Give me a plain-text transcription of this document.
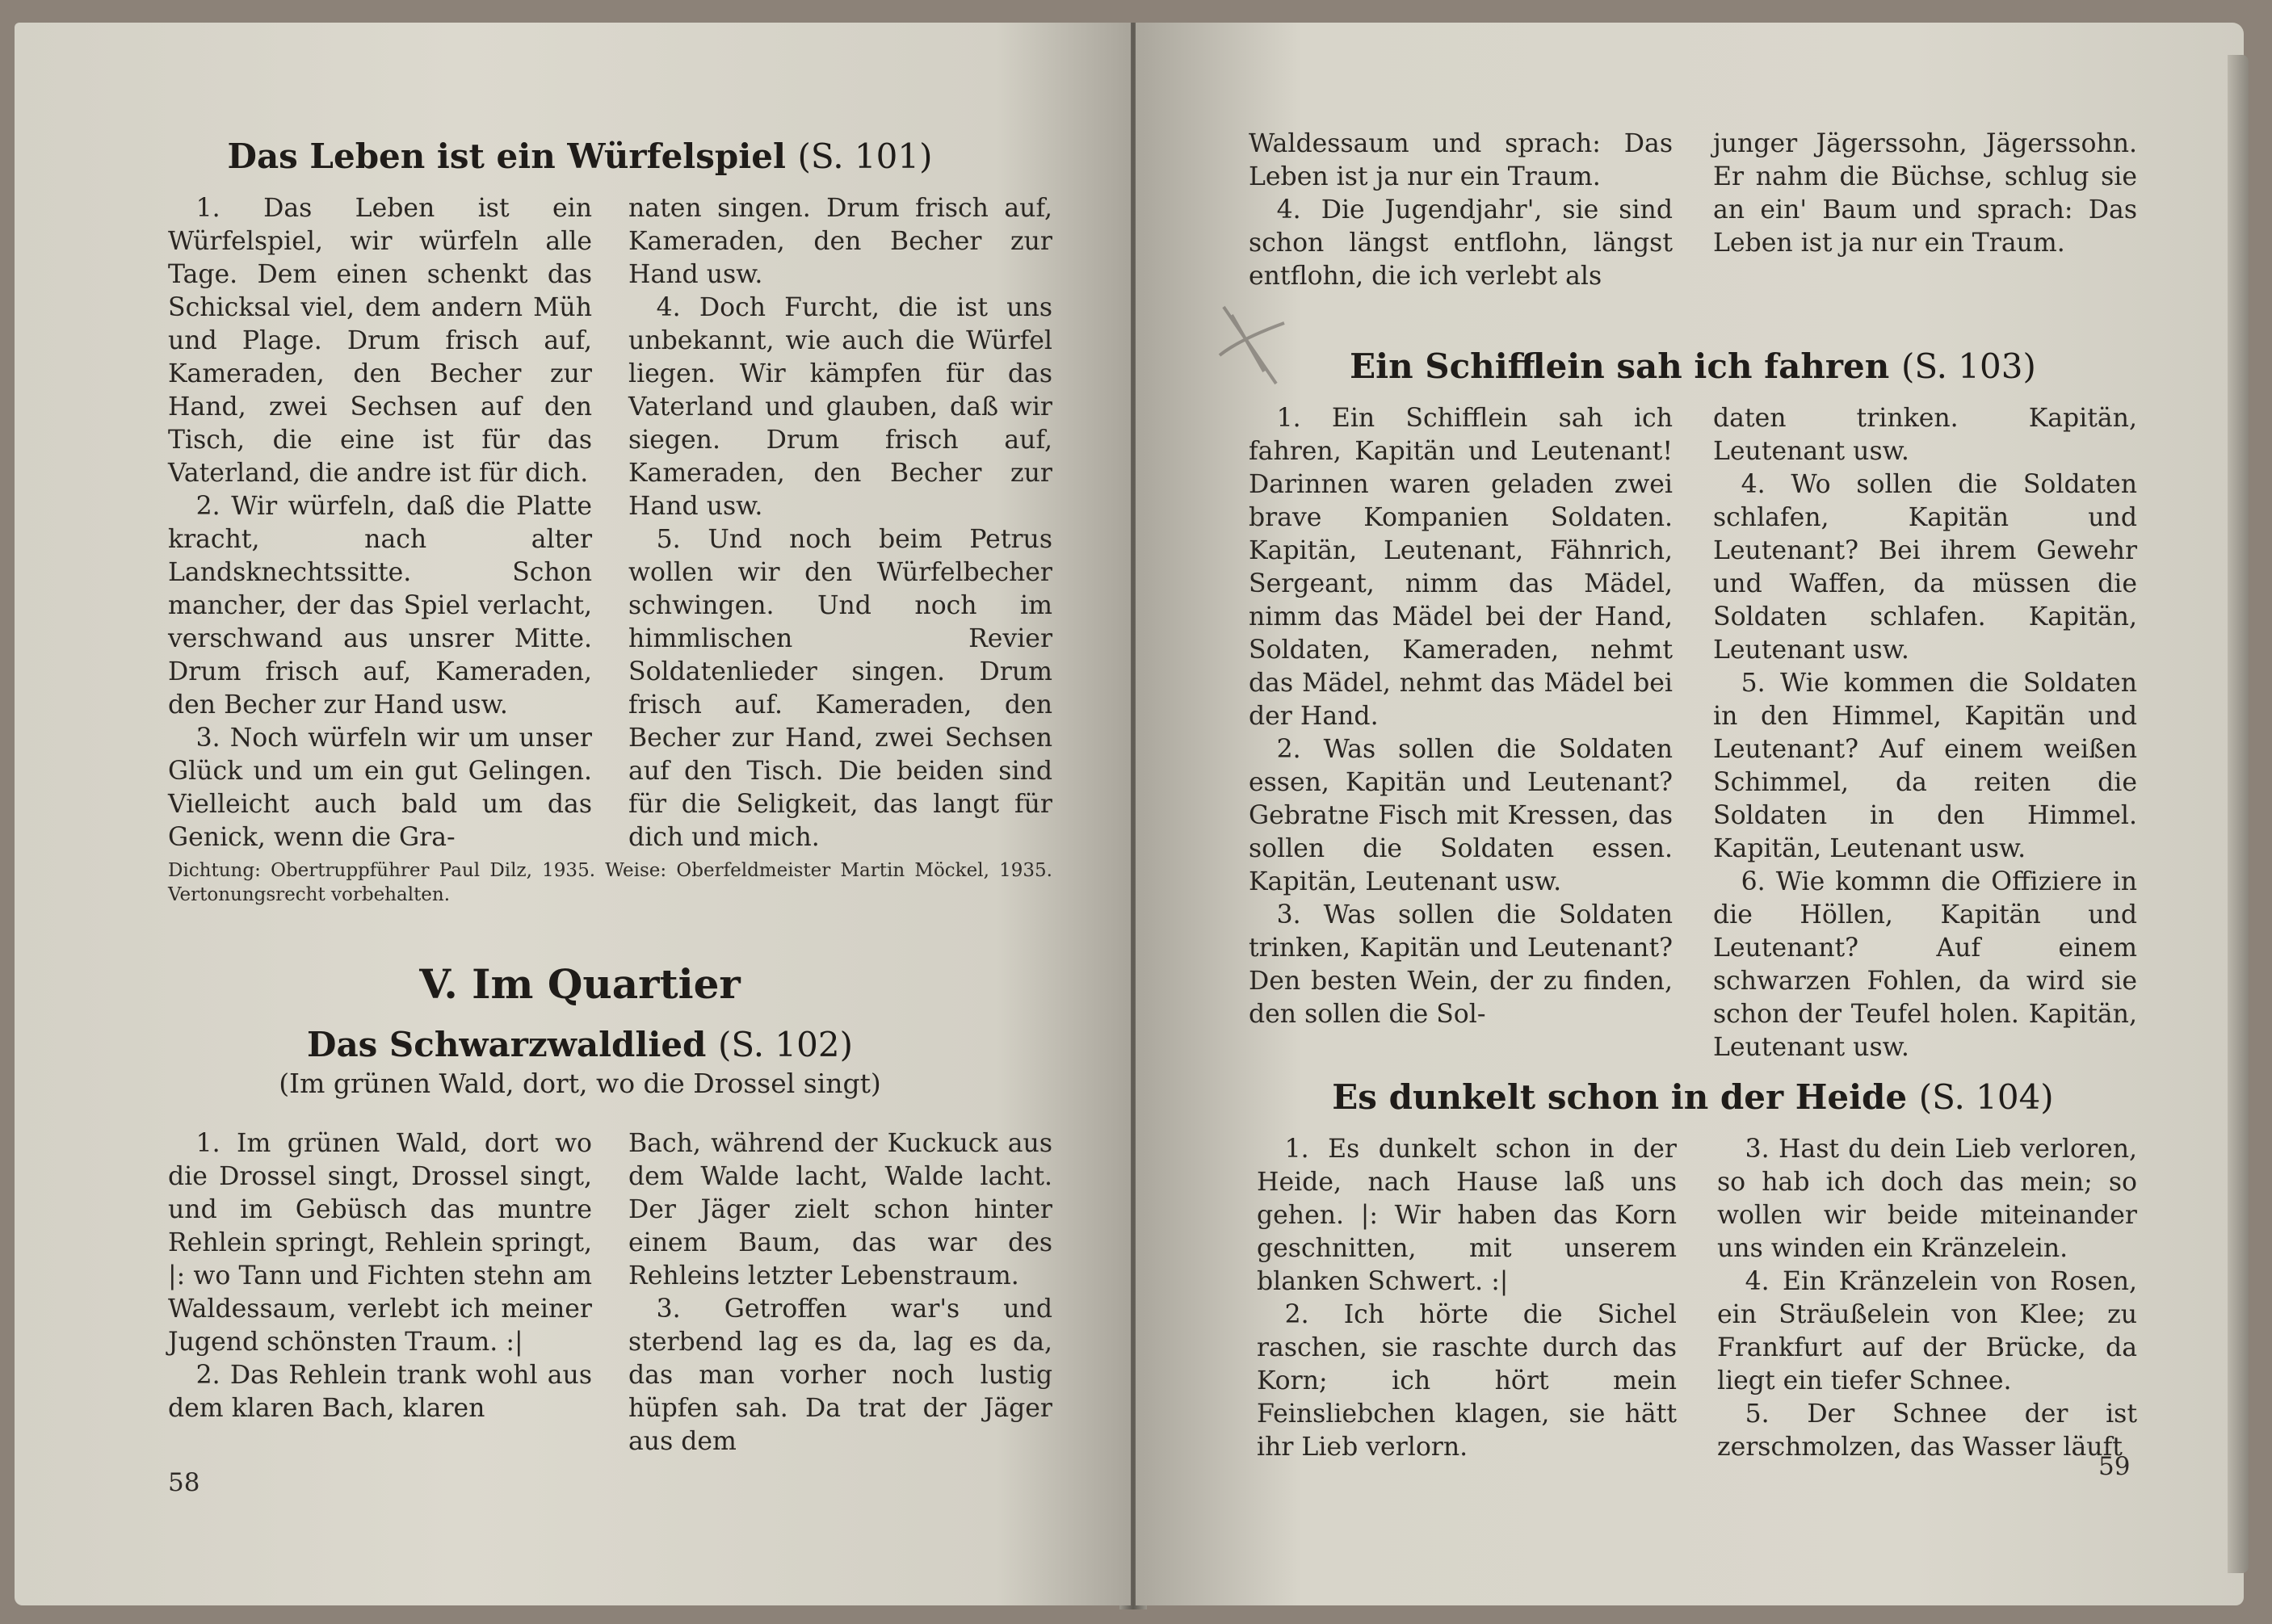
Das Leben ist ein Würfelspiel (S. 101)

1. Das Leben ist ein Würfelspiel, wir würfeln alle Tage. Dem einen schenkt das Schicksal viel, dem andern Müh und Plage. Drum frisch auf, Kameraden, den Becher zur Hand, zwei Sechsen auf den Tisch, die eine ist für das Vaterland, die andre ist für dich.

2. Wir würfeln, daß die Platte kracht, nach alter Landsknechtssitte. Schon mancher, der das Spiel verlacht, verschwand aus unsrer Mitte. Drum frisch auf, Kameraden, den Becher zur Hand usw.

3. Noch würfeln wir um unser Glück und um ein gut Gelingen. Vielleicht auch bald um das Genick, wenn die Gra-

naten singen. Drum frisch auf, Kameraden, den Becher zur Hand usw.

4. Doch Furcht, die ist uns unbekannt, wie auch die Würfel liegen. Wir kämpfen für das Vaterland und glauben, daß wir siegen. Drum frisch auf, Kameraden, den Becher zur Hand usw.

5. Und noch beim Petrus wollen wir den Würfelbecher schwingen. Und noch im himmlischen Revier Soldatenlieder singen. Drum frisch auf. Kameraden, den Becher zur Hand, zwei Sechsen auf den Tisch. Die beiden sind für die Seligkeit, das langt für dich und mich.

Dichtung: Obertruppführer Paul Dilz, 1935. Weise: Oberfeldmeister Martin Möckel, 1935. Vertonungsrecht vorbehalten.
V. Im Quartier
Das Schwarzwaldlied (S. 102)
(Im grünen Wald, dort, wo die Drossel singt)

1. Im grünen Wald, dort wo die Drossel singt, Drossel singt, und im Gebüsch das muntre Rehlein springt, Rehlein springt, |: wo Tann und Fichten stehn am Waldessaum, verlebt ich meiner Jugend schönsten Traum. :|

2. Das Rehlein trank wohl aus dem klaren Bach, klaren

Bach, während der Kuckuck aus dem Walde lacht, Walde lacht. Der Jäger zielt schon hinter einem Baum, das war des Rehleins letzter Lebenstraum.

3. Getroffen war's und sterbend lag es da, lag es da, das man vorher noch lustig hüpfen sah. Da trat der Jäger aus dem

58

Waldessaum und sprach: Das Leben ist ja nur ein Traum.

4. Die Jugendjahr', sie sind schon längst entflohn, längst entflohn, die ich verlebt als

junger Jägerssohn, Jägerssohn. Er nahm die Büchse, schlug sie an ein' Baum und sprach: Das Leben ist ja nur ein Traum.

Ein Schifflein sah ich fahren (S. 103)

1. Ein Schifflein sah ich fahren, Kapitän und Leutenant! Darinnen waren geladen zwei brave Kompanien Soldaten. Kapitän, Leutenant, Fähnrich, Sergeant, nimm das Mädel, nimm das Mädel bei der Hand, Soldaten, Kameraden, nehmt das Mädel, nehmt das Mädel bei der Hand.

2. Was sollen die Soldaten essen, Kapitän und Leutenant? Gebratne Fisch mit Kressen, das sollen die Soldaten essen. Kapitän, Leutenant usw.

3. Was sollen die Soldaten trinken, Kapitän und Leutenant? Den besten Wein, der zu finden, den sollen die Sol-

daten trinken. Kapitän, Leutenant usw.

4. Wo sollen die Soldaten schlafen, Kapitän und Leutenant? Bei ihrem Gewehr und Waffen, da müssen die Soldaten schlafen. Kapitän, Leutenant usw.

5. Wie kommen die Soldaten in den Himmel, Kapitän und Leutenant? Auf einem weißen Schimmel, da reiten die Soldaten in den Himmel. Kapitän, Leutenant usw.

6. Wie kommn die Offiziere in die Höllen, Kapitän und Leutenant? Auf einem schwarzen Fohlen, da wird sie schon der Teufel holen. Kapitän, Leutenant usw.

Es dunkelt schon in der Heide (S. 104)

1. Es dunkelt schon in der Heide, nach Hause laß uns gehen. |: Wir haben das Korn geschnitten, mit unserem blanken Schwert. :|

2. Ich hörte die Sichel raschen, sie raschte durch das Korn; ich hört mein Feinsliebchen klagen, sie hätt ihr Lieb verlorn.

3. Hast du dein Lieb verloren, so hab ich doch das mein; so wollen wir beide miteinander uns winden ein Kränzelein.

4. Ein Kränzelein von Rosen, ein Sträußelein von Klee; zu Frankfurt auf der Brücke, da liegt ein tiefer Schnee.

5. Der Schnee der ist zerschmolzen, das Wasser läuft

59
